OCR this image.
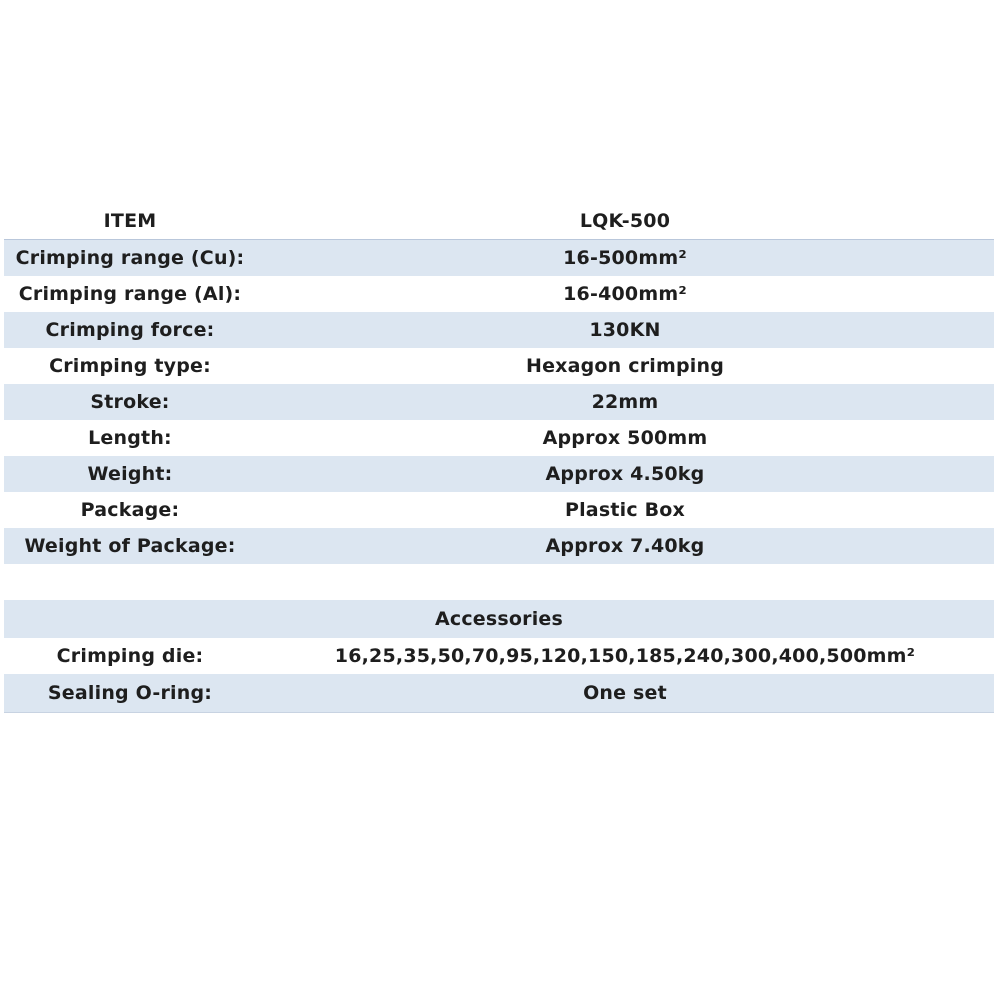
ITEM	LQK-500
Crimping range (Cu):	16-500mm²
Crimping range (Al):	16-400mm²
Crimping force:	130KN
Crimping type:	Hexagon crimping
Stroke:	22mm
Length:	Approx 500mm
Weight:	Approx 4.50kg
Package:	Plastic Box
Weight of Package:	Approx 7.40kg
Accessories
Crimping die:	16,25,35,50,70,95,120,150,185,240,300,400,500mm²
Sealing O-ring:	One set
